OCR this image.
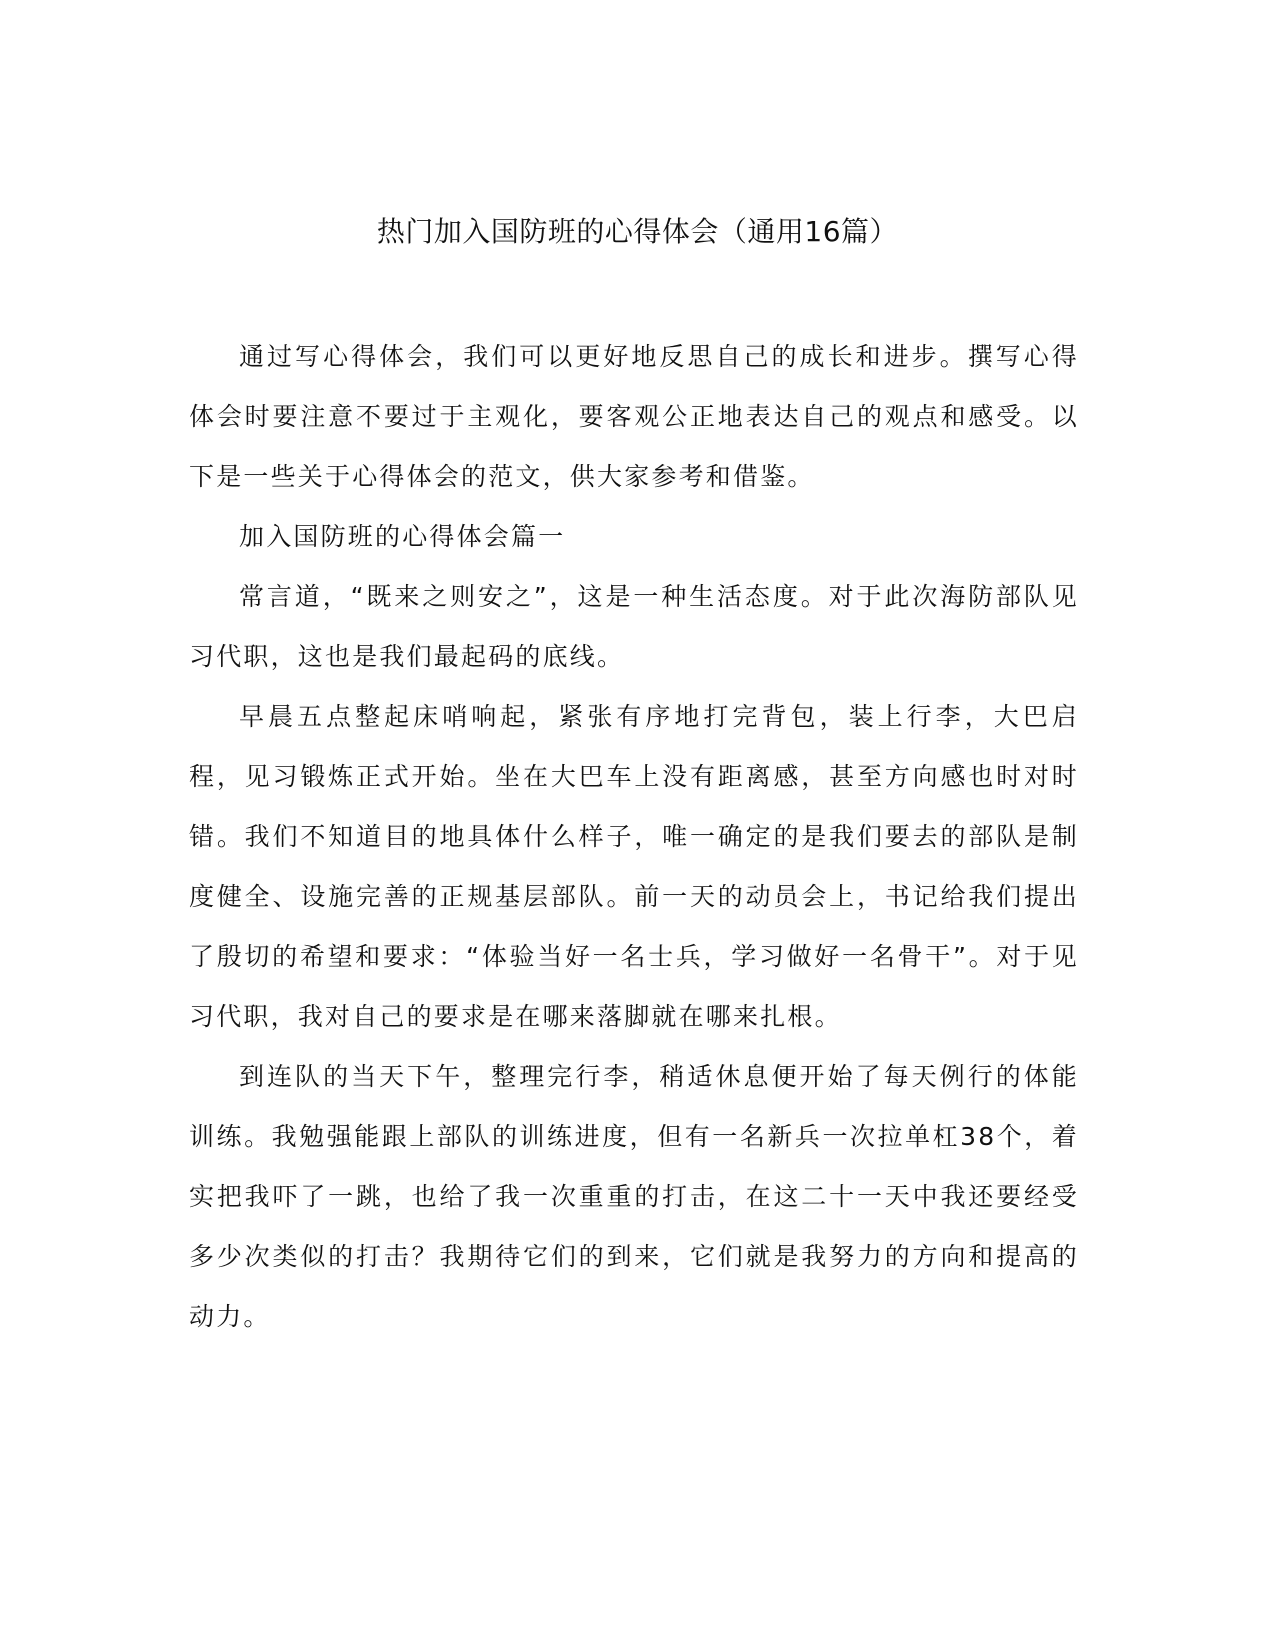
热门加入国防班的心得体会（通用16篇）

通过写心得体会，我们可以更好地反思自己的成长和进步。撰写心得体会时要注意不要过于主观化，要客观公正地表达自己的观点和感受。以下是一些关于心得体会的范文，供大家参考和借鉴。

加入国防班的心得体会篇一

常言道，“既来之则安之”，这是一种生活态度。对于此次海防部队见习代职，这也是我们最起码的底线。

早晨五点整起床哨响起，紧张有序地打完背包，装上行李，大巴启程，见习锻炼正式开始。坐在大巴车上没有距离感，甚至方向感也时对时错。我们不知道目的地具体什么样子，唯一确定的是我们要去的部队是制度健全、设施完善的正规基层部队。前一天的动员会上，书记给我们提出了殷切的希望和要求：“体验当好一名士兵，学习做好一名骨干”。对于见习代职，我对自己的要求是在哪来落脚就在哪来扎根。

到连队的当天下午，整理完行李，稍适休息便开始了每天例行的体能训练。我勉强能跟上部队的训练进度，但有一名新兵一次拉单杠38个，着实把我吓了一跳，也给了我一次重重的打击，在这二十一天中我还要经受多少次类似的打击？我期待它们的到来，它们就是我努力的方向和提高的动力。
